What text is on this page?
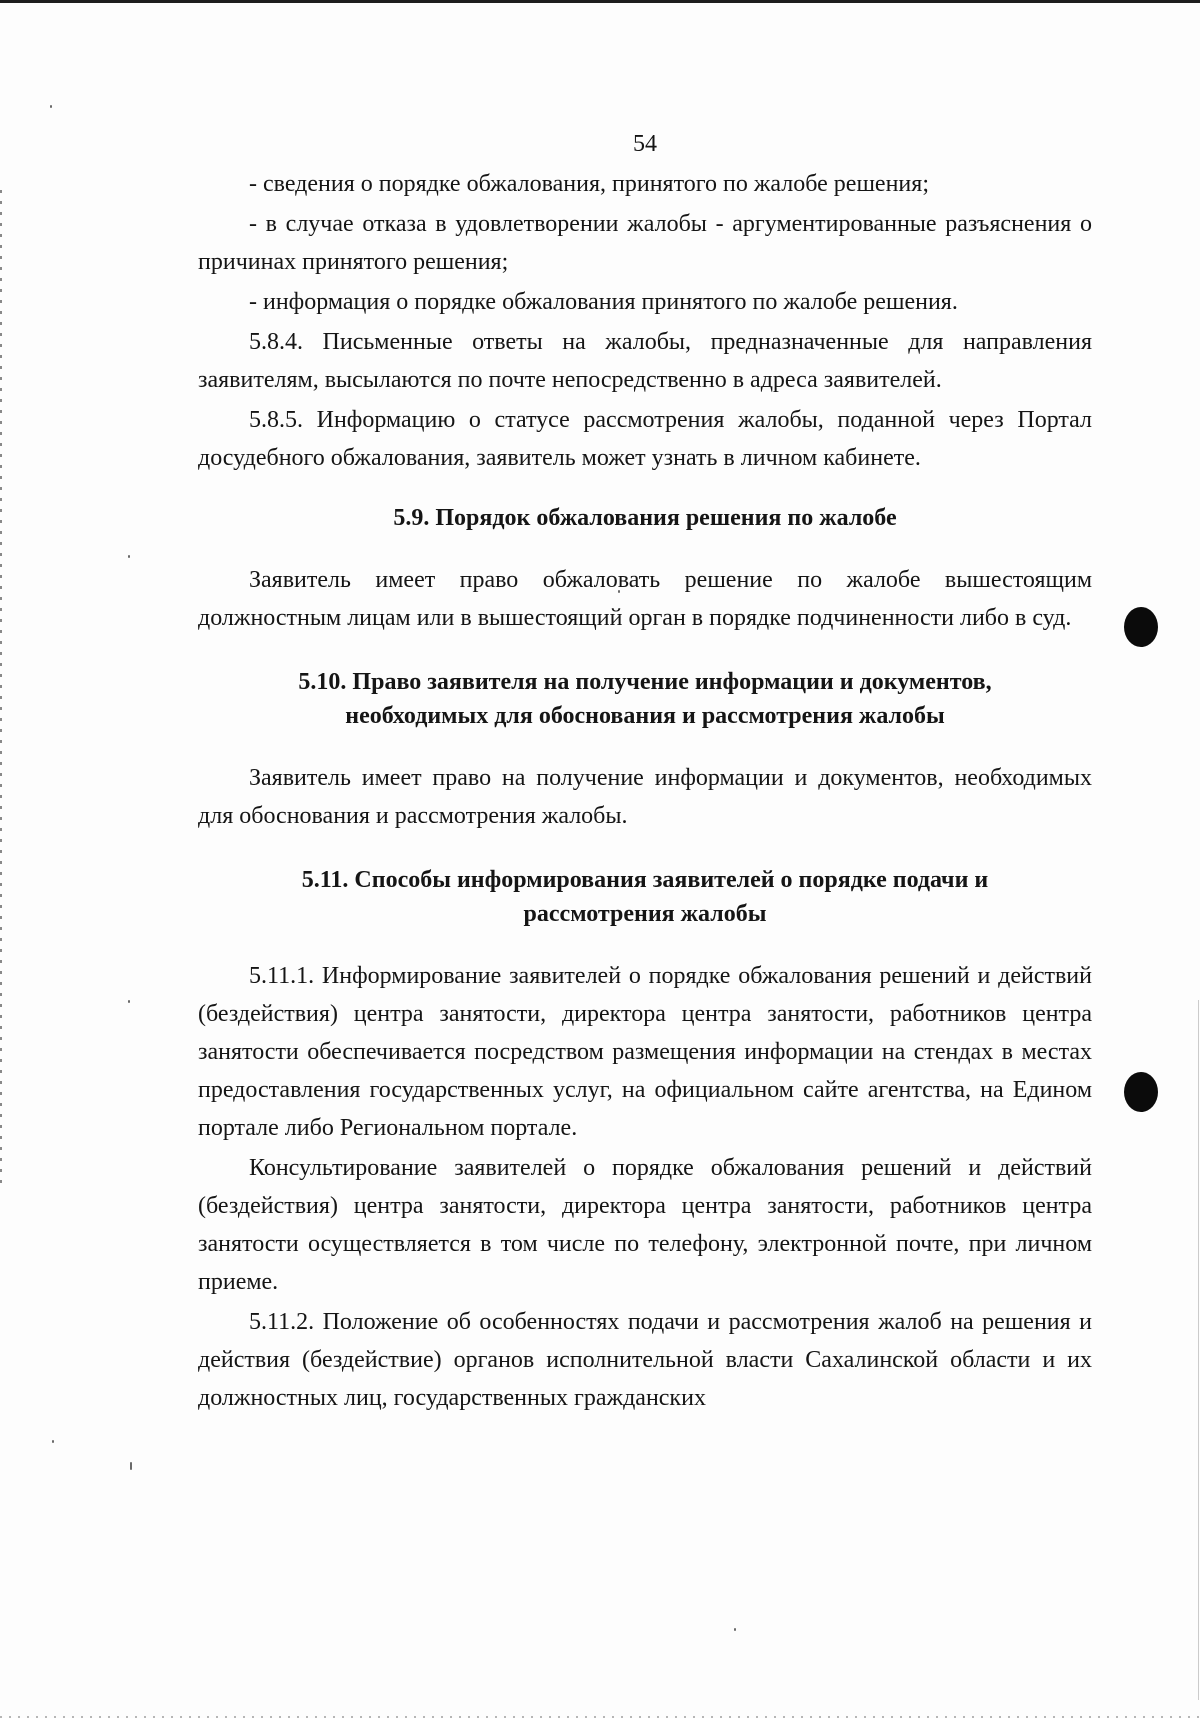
54

- сведения о порядке обжалования, принятого по жалобе решения;

- в случае отказа в удовлетворении жалобы - аргументированные разъяснения о причинах принятого решения;

- информация о порядке обжалования принятого по жалобе решения.

5.8.4. Письменные ответы на жалобы, предназначенные для направления заявителям, высылаются по почте непосредственно в адреса заявителей.

5.8.5. Информацию о статусе рассмотрения жалобы, поданной через Портал досудебного обжалования, заявитель может узнать в личном кабинете.

5.9. Порядок обжалования решения по жалобе

Заявитель имеет право обжаловать решение по жалобе вышестоящим должностным лицам или в вышестоящий орган в порядке подчиненности либо в суд.

5.10. Право заявителя на получение информации и документов,
необходимых для обоснования и рассмотрения жалобы

Заявитель имеет право на получение информации и документов, необходимых для обоснования и рассмотрения жалобы.

5.11. Способы информирования заявителей о порядке подачи и
рассмотрения жалобы

5.11.1. Информирование заявителей о порядке обжалования решений и действий (бездействия) центра занятости, директора центра занятости, работников центра занятости обеспечивается посредством размещения информации на стендах в местах предоставления государственных услуг, на официальном сайте агентства, на Едином портале либо Региональном портале.

Консультирование заявителей о порядке обжалования решений и действий (бездействия) центра занятости, директора центра занятости, работников центра занятости осуществляется в том числе по телефону, электронной почте, при личном приеме.

5.11.2. Положение об особенностях подачи и рассмотрения жалоб на решения и действия (бездействие) органов исполнительной власти Сахалинской области и их должностных лиц, государственных гражданских
